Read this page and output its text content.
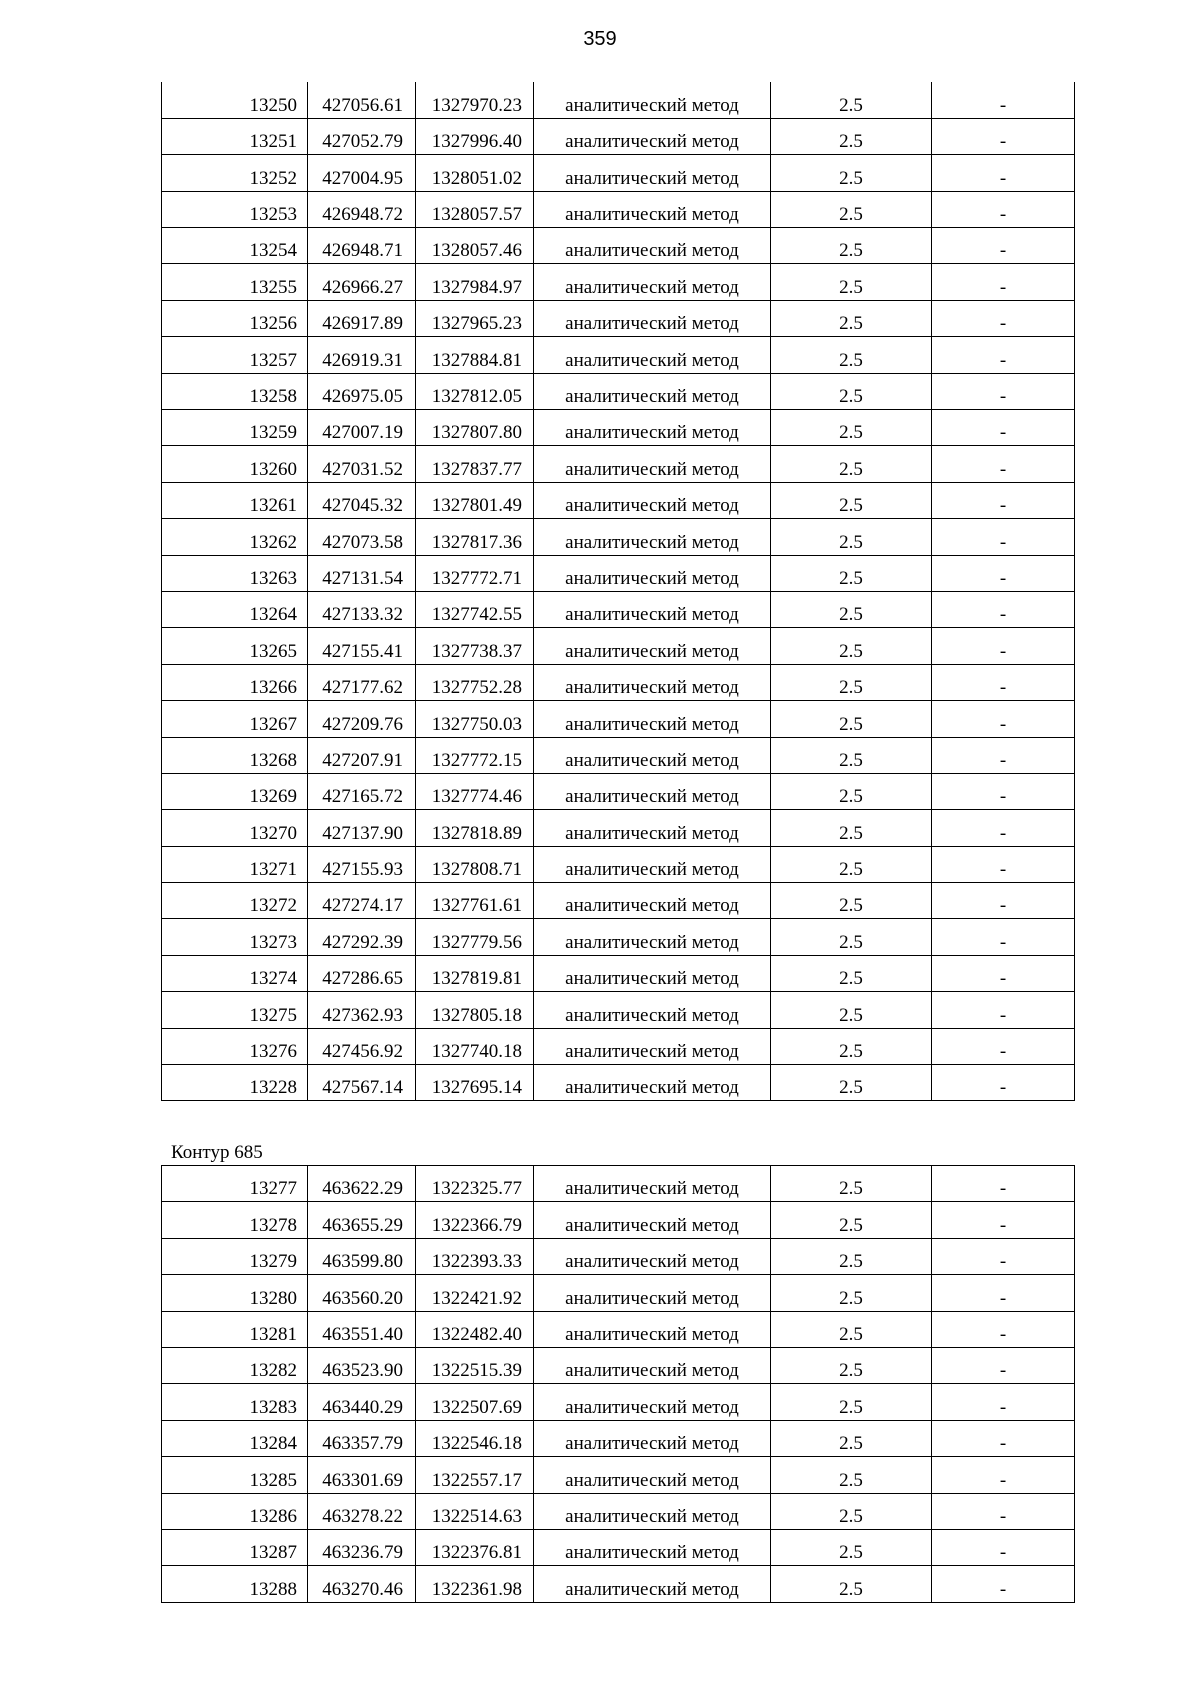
359
13250	427056.61	1327970.23	аналитический метод	2.5	-
13251	427052.79	1327996.40	аналитический метод	2.5	-
13252	427004.95	1328051.02	аналитический метод	2.5	-
13253	426948.72	1328057.57	аналитический метод	2.5	-
13254	426948.71	1328057.46	аналитический метод	2.5	-
13255	426966.27	1327984.97	аналитический метод	2.5	-
13256	426917.89	1327965.23	аналитический метод	2.5	-
13257	426919.31	1327884.81	аналитический метод	2.5	-
13258	426975.05	1327812.05	аналитический метод	2.5	-
13259	427007.19	1327807.80	аналитический метод	2.5	-
13260	427031.52	1327837.77	аналитический метод	2.5	-
13261	427045.32	1327801.49	аналитический метод	2.5	-
13262	427073.58	1327817.36	аналитический метод	2.5	-
13263	427131.54	1327772.71	аналитический метод	2.5	-
13264	427133.32	1327742.55	аналитический метод	2.5	-
13265	427155.41	1327738.37	аналитический метод	2.5	-
13266	427177.62	1327752.28	аналитический метод	2.5	-
13267	427209.76	1327750.03	аналитический метод	2.5	-
13268	427207.91	1327772.15	аналитический метод	2.5	-
13269	427165.72	1327774.46	аналитический метод	2.5	-
13270	427137.90	1327818.89	аналитический метод	2.5	-
13271	427155.93	1327808.71	аналитический метод	2.5	-
13272	427274.17	1327761.61	аналитический метод	2.5	-
13273	427292.39	1327779.56	аналитический метод	2.5	-
13274	427286.65	1327819.81	аналитический метод	2.5	-
13275	427362.93	1327805.18	аналитический метод	2.5	-
13276	427456.92	1327740.18	аналитический метод	2.5	-
13228	427567.14	1327695.14	аналитический метод	2.5	-
Контур 685
13277	463622.29	1322325.77	аналитический метод	2.5	-
13278	463655.29	1322366.79	аналитический метод	2.5	-
13279	463599.80	1322393.33	аналитический метод	2.5	-
13280	463560.20	1322421.92	аналитический метод	2.5	-
13281	463551.40	1322482.40	аналитический метод	2.5	-
13282	463523.90	1322515.39	аналитический метод	2.5	-
13283	463440.29	1322507.69	аналитический метод	2.5	-
13284	463357.79	1322546.18	аналитический метод	2.5	-
13285	463301.69	1322557.17	аналитический метод	2.5	-
13286	463278.22	1322514.63	аналитический метод	2.5	-
13287	463236.79	1322376.81	аналитический метод	2.5	-
13288	463270.46	1322361.98	аналитический метод	2.5	-
